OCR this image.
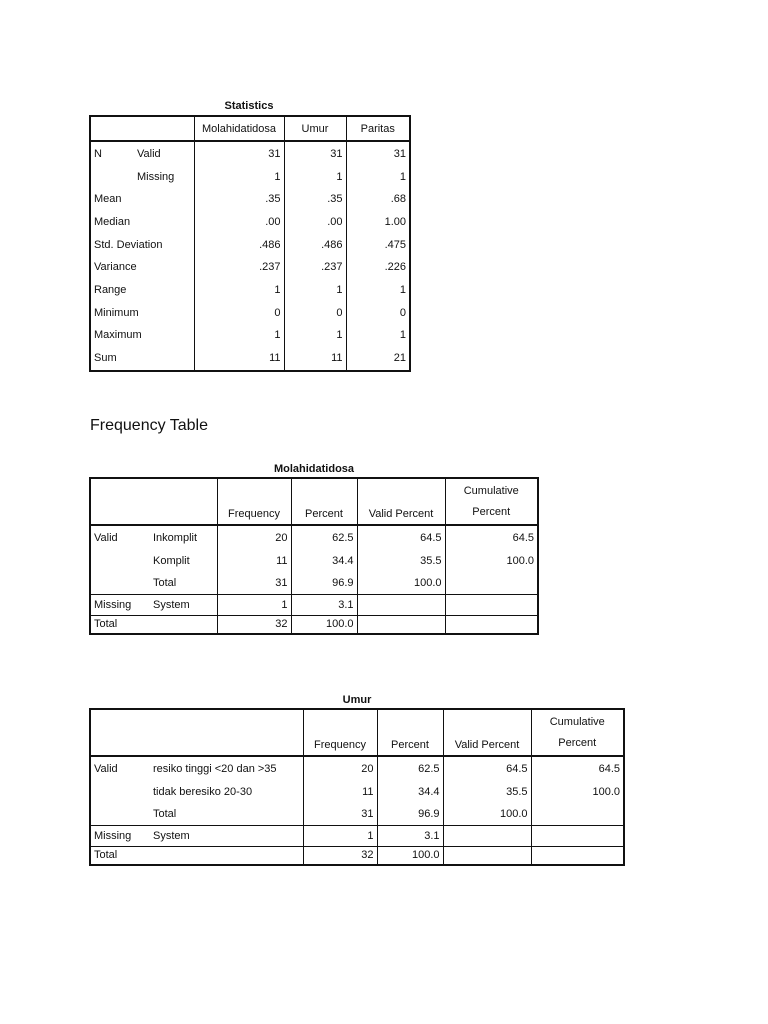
Statistics
		Molahidatidosa	Umur	Paritas
N	Valid	31	31	31
	Missing	1	1	1
Mean		.35	.35	.68
Median		.00	.00	1.00
Std. Deviation		.486	.486	.475
Variance		.237	.237	.226
Range		1	1	1
Minimum		0	0	0
Maximum		1	1	1
Sum		11	11	21
Frequency Table
Molahidatidosa
		Frequency	Percent	Valid Percent	Cumulative
Percent

Valid	Inkomplit	20	62.5	64.5	64.5
	Komplit	11	34.4	35.5	100.0
	Total	31	96.9	100.0	
Missing	System	1	3.1		
Total		32	100.0		
Umur
		Frequency	Percent	Valid Percent	Cumulative
Percent

Valid	resiko tinggi <20 dan >35	20	62.5	64.5	64.5
	tidak beresiko 20-30	11	34.4	35.5	100.0
	Total	31	96.9	100.0	
Missing	System	1	3.1		
Total		32	100.0		
